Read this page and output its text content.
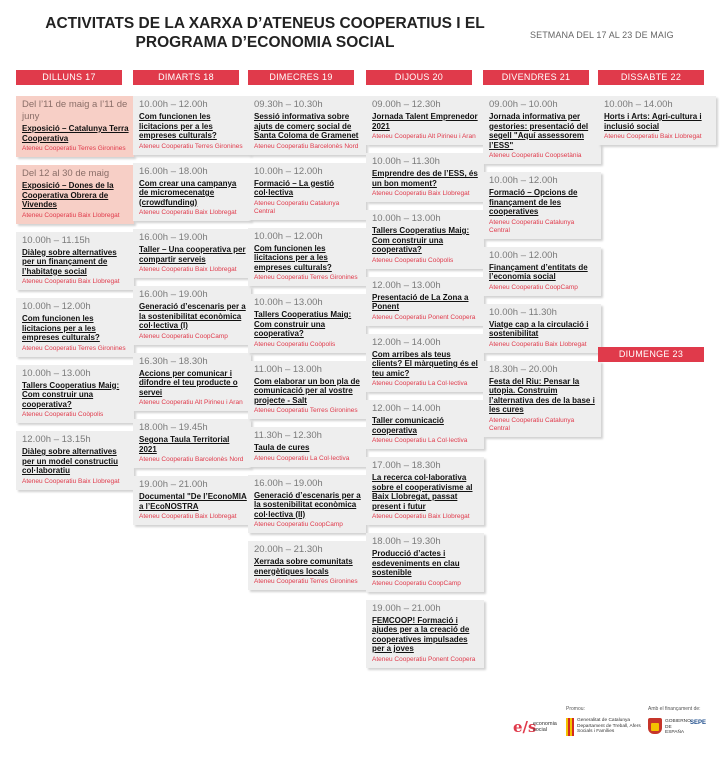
ACTIVITATS DE LA XARXA D’ATENEUS COOPERATIUS I EL PROGRAMA D’ECONOMIA SOCIAL	SETMANA DEL 17 AL 23 DE MAIG
DILLUNS 17
Del l’11 de maig a l’11 de juny
Exposició – Catalunya Terra Cooperativa
Ateneu Cooperatiu Terres Gironines
Del 12 al 30 de maig
Exposició – Dones de la Cooperativa Obrera de Vivendes
Ateneu Cooperatiu Baix Llobregat
10.00h – 11.15h
Diàleg sobre alternatives per un finançament de l’habitatge social
Ateneu Cooperatiu Baix Llobregat
10.00h – 12.00h
Com funcionen les licitacions per a les empreses culturals?
Ateneu Cooperatiu Terres Gironines
10.00h – 13.00h
Tallers Cooperatius Maig: Com construir una cooperativa?
Ateneu Cooperatiu Coòpolis
12.00h – 13.15h
Diàleg sobre alternatives per un model constructiu col·laboratiu
Ateneu Cooperatiu Baix Llobregat
DIMARTS 18
10.00h – 12.00h
Com funcionen les licitacions per a les empreses culturals?
Ateneu Cooperatiu Terres Gironines
16.00h – 18.00h
Com crear una campanya de micromecenatge (crowdfunding)
Ateneu Cooperatiu Baix Llobregat
16.00h – 19.00h
Taller – Una cooperativa per compartir serveis
Ateneu Cooperatiu Baix Llobregat
16.00h – 19.00h
Generació d’escenaris per a la sostenibilitat econòmica col·lectiva (I)
Ateneu Cooperatiu CoopCamp
16.30h – 18.30h
Accions per comunicar i difondre el teu producte o servei
Ateneu Cooperatiu Alt Pirineu i Aran
18.00h – 19.45h
Segona Taula Territorial 2021
Ateneu Cooperatiu Barcelonès Nord
19.00h – 21.00h
Documental "De l’EconoMIA a l’EcoNOSTRA
Ateneu Cooperatiu Baix Llobregat
DIMECRES 19
09.30h – 10.30h
Sessió informativa sobre ajuts de comerç social de Santa Coloma de Gramenet
Ateneu Cooperatiu Barcelonès Nord
10.00h – 12.00h
Formació – La gestió col·lectiva
Ateneu Cooperatiu Catalunya Central
10.00h – 12.00h
Com funcionen les licitacions per a les empreses culturals?
Ateneu Cooperatiu Terres Gironines
10.00h – 13.00h
Tallers Cooperatius Maig: Com construir una cooperativa?
Ateneu Cooperatiu Coòpolis
11.00h – 13.00h
Com elaborar un bon pla de comunicació per al vostre projecte - Salt
Ateneu Cooperatiu Terres Gironines
11.30h – 12.30h
Taula de cures
Ateneu Cooperatiu La Col·lectiva
16.00h – 19.00h
Generació d’escenaris per a la sostenibilitat econòmica col·lectiva (II)
Ateneu Cooperatiu CoopCamp
20.00h – 21.30h
Xerrada sobre comunitats energètiques locals
Ateneu Cooperatiu Terres Gironines
DIJOUS 20
09.00h – 12.30h
Jornada Talent Emprenedor 2021
Ateneu Cooperatiu Alt Pirineu i Aran
10.00h – 11.30h
Emprendre des de l’ESS, és un bon moment?
Ateneu Cooperatiu Baix Llobregat
10.00h – 13.00h
Tallers Cooperatius Maig: Com construir una cooperativa?
Ateneu Cooperatiu Coòpolis
12.00h – 13.00h
Presentació de La Zona a Ponent
Ateneu Cooperatiu Ponent Coopera
12.00h – 14.00h
Com arribes als teus clients? El màrqueting és el teu amic?
Ateneu Cooperatiu La Col·lectiva
12.00h – 14.00h
Taller comunicació cooperativa
Ateneu Cooperatiu La Col·lectiva
17.00h – 18.30h
La recerca col·laborativa sobre el cooperativisme al Baix Llobregat, passat present i futur
Ateneu Cooperatiu Baix Llobregat
18.00h – 19.30h
Producció d’actes i esdeveniments en clau sostenible
Ateneu Cooperatiu CoopCamp
19.00h – 21.00h
FEMCOOP! Formació i ajudes per a la creació de cooperatives impulsades per a joves
Ateneu Cooperatiu Ponent Coopera
DIVENDRES 21
09.00h – 10.00h
Jornada informativa per gestories: presentació del segell "Aquí assessorem l’ESS"
Ateneu Cooperatiu Coopsetània
10.00h – 12.00h
Formació – Opcions de finançament de les cooperatives
Ateneu Cooperatiu Catalunya Central
10.00h – 12.00h
Finançament d’entitats de l’economia social
Ateneu Cooperatiu CoopCamp
10.00h – 11.30h
Viatge cap a la circulació i sostenibilitat
Ateneu Cooperatiu Baix Llobregat
18.30h – 20.00h
Festa del Riu: Pensar la utopia. Construim l’alternativa des de la base i les cures
Ateneu Cooperatiu Catalunya Central
DISSABTE 22
10.00h – 14.00h
Horts i Arts: Agri-cultura i inclusió social
Ateneu Cooperatiu Baix Llobregat
DIUMENGE 23
Promou:	Amb el finançament de:
e/s
economia social
Generalitat de Catalunya Departament de Treball, Afers Socials i Famílies
GOBIERNO DE ESPAÑA
SEPE
